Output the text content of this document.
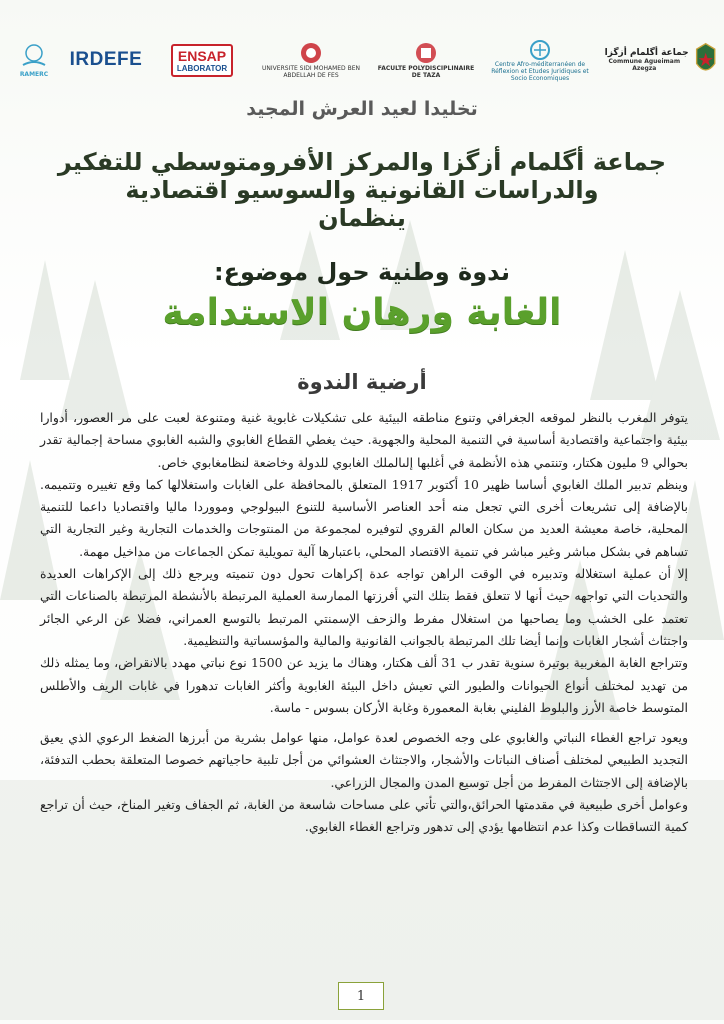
RAMERC
IRDEFE	ENSAP
LABORATOR	UNIVERSITE SIDI MOHAMED BEN ABDELLAH DE FES
FACULTE POLYDISCIPLINAIRE DE TAZA
Centre Afro-méditerranéen de Réflexion et Etudes Juridiques et Socio Economiques
جماعة أگلمام أزگزا
Commune Agueimam Azegza
تخليدا لعيد العرش المجيد
جماعة أگلمام أزگزا والمركز الأفرومتوسطي للتفكير
والدراسات القانونية والسوسيو اقتصادية
ينظمان
ندوة وطنية حول موضوع:
الغابة ورهان الاستدامة
أرضية الندوة

يتوفر المغرب بالنظر لموقعه الجغرافي وتنوع مناطقه البيئية على تشكيلات غابوية غنية ومتنوعة لعبت على مر العصور، أدوارا بيئية واجتماعية واقتصادية أساسية في التنمية المحلية والجهوية. حيث يغطي القطاع الغابوي والشبه الغابوي مساحة إجمالية تقدر بحوالي 9 مليون هكتار، وتنتمي هذه الأنظمة في أغلبها إلىالملك الغابوي للدولة وخاضعة لنظامغابوي خاص.

وينظم تدبير الملك الغابوي أساسا ظهير 10 أكتوبر 1917 المتعلق بالمحافظة على الغابات واستغلالها كما وقع تغييره وتتميمه. بالإضافة إلى تشريعات أخرى التي تجعل منه أحد العناصر الأساسية للتنوع البيولوجي ومووردا ماليا واقتصاديا داعما للتنمية المحلية، خاصة معيشة العديد من سكان العالم القروي لتوفيره لمجموعة من المنتوجات والخدمات التجارية وغير التجارية التي تساهم في بشكل مباشر وغير مباشر في تنمية الاقتصاد المحلي، باعتبارها آلية تمويلية تمكن الجماعات من مداخيل مهمة.

إلا أن عملية استغلاله وتدبيره في الوقت الراهن تواجه عدة إكراهات تحول دون تنميته ويرجع ذلك إلى الإكراهات العديدة والتحديات التي تواجهه حيث أنها لا تتعلق فقط بتلك التي أفرزتها الممارسة العملية المرتبطة بالأنشطة المرتبطة بالصناعات التي تعتمد على الخشب وما يصاحبها من استغلال مفرط والزحف الإسمنتي المرتبط بالتوسع العمراني، فضلا عن الرعي الجائر واجتثاث أشجار الغابات وإنما أيضا تلك المرتبطة بالجوانب القانونية والمالية والمؤسساتية والتنظيمية.

وتتراجع الغابة المغربية بوتيرة سنوية تقدر ب 31 ألف هكتار، وهناك ما يزيد عن 1500 نوع نباتي مهدد بالانقراض، وما يمثله ذلك من تهديد لمختلف أنواع الحيوانات والطيور التي تعيش داخل البيئة الغابوية وأكثر الغابات تدهورا في غابات الريف والأطلس المتوسط خاصة الأرز والبلوط الفليني بغابة المعمورة وغابة الأركان بسوس - ماسة.

ويعود تراجع الغطاء النباتي والغابوي على وجه الخصوص لعدة عوامل، منها عوامل بشرية من أبرزها الضغط الرعوي الذي يعيق التجديد الطبيعي لمختلف أصناف النباتات والأشجار، والاجتثاث العشوائي من أجل تلبية حاجياتهم خصوصا المتعلقة بحطب التدفئة، بالإضافة إلى الاجتثاث المفرط من أجل توسيع المدن والمجال الزراعي.

وعوامل أخرى طبيعية في مقدمتها الحرائق،والتي تأتي على مساحات شاسعة من الغابة، ثم الجفاف وتغير المناخ، حيث أن تراجع كمية التساقطات وكذا عدم انتظامها يؤدي إلى تدهور وتراجع الغطاء الغابوي.

1
